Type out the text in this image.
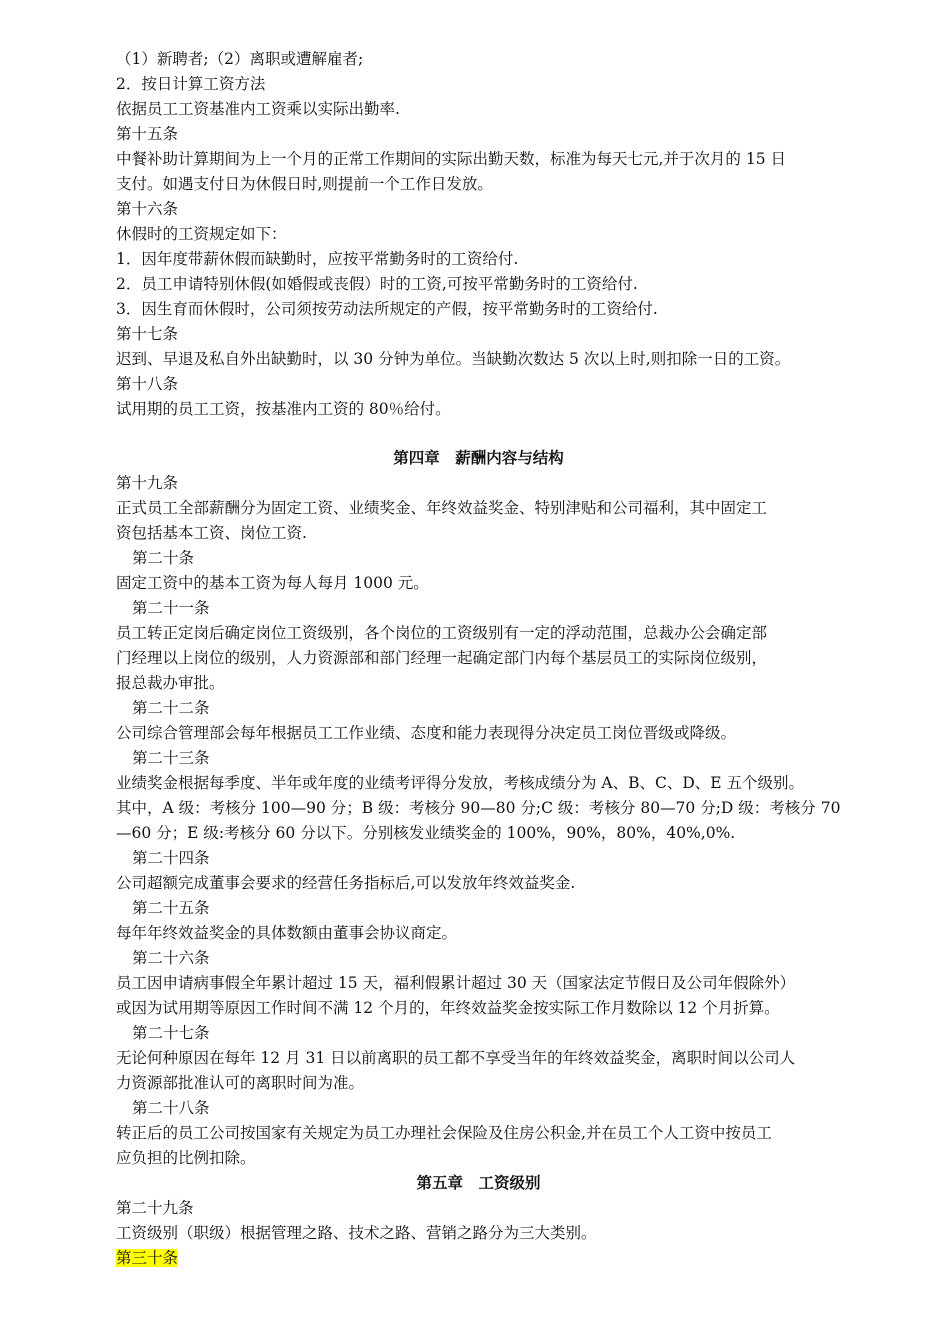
（1）新聘者;（2）离职或遭解雇者;
2．按日计算工资方法
依据员工工资基准内工资乘以实际出勤率.
第十五条
中餐补助计算期间为上一个月的正常工作期间的实际出勤天数，标准为每天七元,并于次月的 15 日
支付。如遇支付日为休假日时,则提前一个工作日发放。
第十六条
休假时的工资规定如下：
1．因年度带薪休假而缺勤时，应按平常勤务时的工资给付.
2．员工申请特别休假(如婚假或丧假）时的工资,可按平常勤务时的工资给付.
3．因生育而休假时，公司须按劳动法所规定的产假，按平常勤务时的工资给付.
第十七条
迟到、早退及私自外出缺勤时，以 30 分钟为单位。当缺勤次数达 5 次以上时,则扣除一日的工资。
第十八条
试用期的员工工资，按基准内工资的 80％给付。
第四章　薪酬内容与结构
第十九条
正式员工全部薪酬分为固定工资、业绩奖金、年终效益奖金、特别津贴和公司福利，其中固定工
资包括基本工资、岗位工资.
第二十条
固定工资中的基本工资为每人每月 1000 元。
第二十一条
员工转正定岗后确定岗位工资级别，各个岗位的工资级别有一定的浮动范围，总裁办公会确定部
门经理以上岗位的级别，人力资源部和部门经理一起确定部门内每个基层员工的实际岗位级别，
报总裁办审批。
第二十二条
公司综合管理部会每年根据员工工作业绩、态度和能力表现得分决定员工岗位晋级或降级。
第二十三条
业绩奖金根据每季度、半年或年度的业绩考评得分发放，考核成绩分为 A、B、C、D、E 五个级别。
其中，A 级：考核分 100—90 分；B 级：考核分 90—80 分;C 级：考核分 80—70 分;D 级：考核分 70
—60 分；E 级:考核分 60 分以下。分别核发业绩奖金的 100%，90%，80%，40%,0%.
第二十四条
公司超额完成董事会要求的经营任务指标后,可以发放年终效益奖金.
第二十五条
每年年终效益奖金的具体数额由董事会协议商定。
第二十六条
员工因申请病事假全年累计超过 15 天，福利假累计超过 30 天（国家法定节假日及公司年假除外）
或因为试用期等原因工作时间不满 12 个月的，年终效益奖金按实际工作月数除以 12 个月折算。
第二十七条
无论何种原因在每年 12 月 31 日以前离职的员工都不享受当年的年终效益奖金，离职时间以公司人
力资源部批准认可的离职时间为准。
第二十八条
转正后的员工公司按国家有关规定为员工办理社会保险及住房公积金,并在员工个人工资中按员工
应负担的比例扣除。
第五章　工资级别
第二十九条
工资级别（职级）根据管理之路、技术之路、营销之路分为三大类别。
第三十条
